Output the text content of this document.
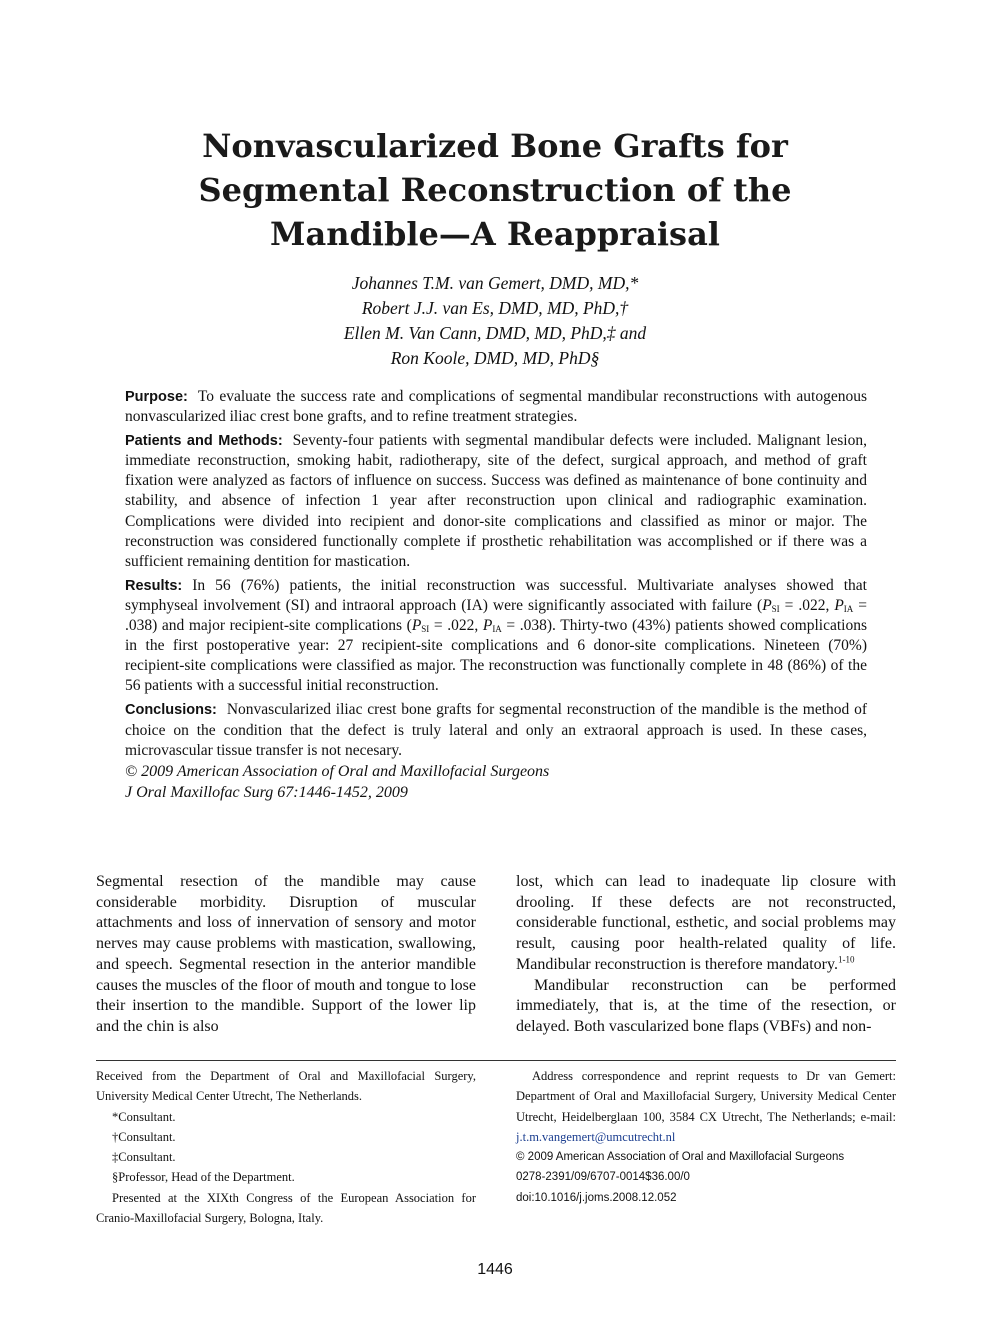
Nonvascularized Bone Grafts for
Segmental Reconstruction of the
Mandible—A Reappraisal
Johannes T.M. van Gemert, DMD, MD,*
Robert J.J. van Es, DMD, MD, PhD,†
Ellen M. Van Cann, DMD, MD, PhD,‡ and
Ron Koole, DMD, MD, PhD§

Purpose: To evaluate the success rate and complications of segmental mandibular reconstructions with autogenous nonvascularized iliac crest bone grafts, and to refine treatment strategies.

Patients and Methods: Seventy-four patients with segmental mandibular defects were included. Malignant lesion, immediate reconstruction, smoking habit, radiotherapy, site of the defect, surgical approach, and method of graft fixation were analyzed as factors of influence on success. Success was defined as maintenance of bone continuity and stability, and absence of infection 1 year after reconstruction upon clinical and radiographic examination. Complications were divided into recipient and donor-site complications and classified as minor or major. The reconstruction was considered functionally complete if prosthetic rehabilitation was accomplished or if there was a sufficient remaining dentition for mastication.

Results: In 56 (76%) patients, the initial reconstruction was successful. Multivariate analyses showed that symphyseal involvement (SI) and intraoral approach (IA) were significantly associated with failure ($P_{SI} = .022$, $P_{IA} = .038$) and major recipient-site complications ($P_{SI} = .022$, $P_{IA} = .038$). Thirty-two (43%) patients showed complications in the first postoperative year: 27 recipient-site complications and 6 donor-site complications. Nineteen (70%) recipient-site complications were classified as major. The reconstruction was functionally complete in 48 (86%) of the 56 patients with a successful initial reconstruction.

Conclusions: Nonvascularized iliac crest bone grafts for segmental reconstruction of the mandible is the method of choice on the condition that the defect is truly lateral and only an extraoral approach is used. In these cases, microvascular tissue transfer is not necesary.

© 2009 American Association of Oral and Maxillofacial Surgeons
J Oral Maxillofac Surg 67:1446-1452, 2009

Segmental resection of the mandible may cause considerable morbidity. Disruption of muscular attachments and loss of innervation of sensory and motor nerves may cause problems with mastication, swallowing, and speech. Segmental resection in the anterior mandible causes the muscles of the floor of mouth and tongue to lose their insertion to the mandible. Support of the lower lip and the chin is also

lost, which can lead to inadequate lip closure with drooling. If these defects are not reconstructed, considerable functional, esthetic, and social problems may result, causing poor health-related quality of life. Mandibular reconstruction is therefore mandatory.$^{1-10}$

Mandibular reconstruction can be performed immediately, that is, at the time of the resection, or delayed. Both vascularized bone flaps (VBFs) and non-

Received from the Department of Oral and Maxillofacial Surgery, University Medical Center Utrecht, The Netherlands.

*Consultant.

†Consultant.

‡Consultant.

§Professor, Head of the Department.

Presented at the XIXth Congress of the European Association for Cranio-Maxillofacial Surgery, Bologna, Italy.

Address correspondence and reprint requests to Dr van Gemert: Department of Oral and Maxillofacial Surgery, University Medical Center Utrecht, Heidelberglaan 100, 3584 CX Utrecht, The Netherlands; e-mail: j.t.m.vangemert@umcutrecht.nl

© 2009 American Association of Oral and Maxillofacial Surgeons

0278-2391/09/6707-0014$36.00/0

doi:10.1016/j.joms.2008.12.052

1446
